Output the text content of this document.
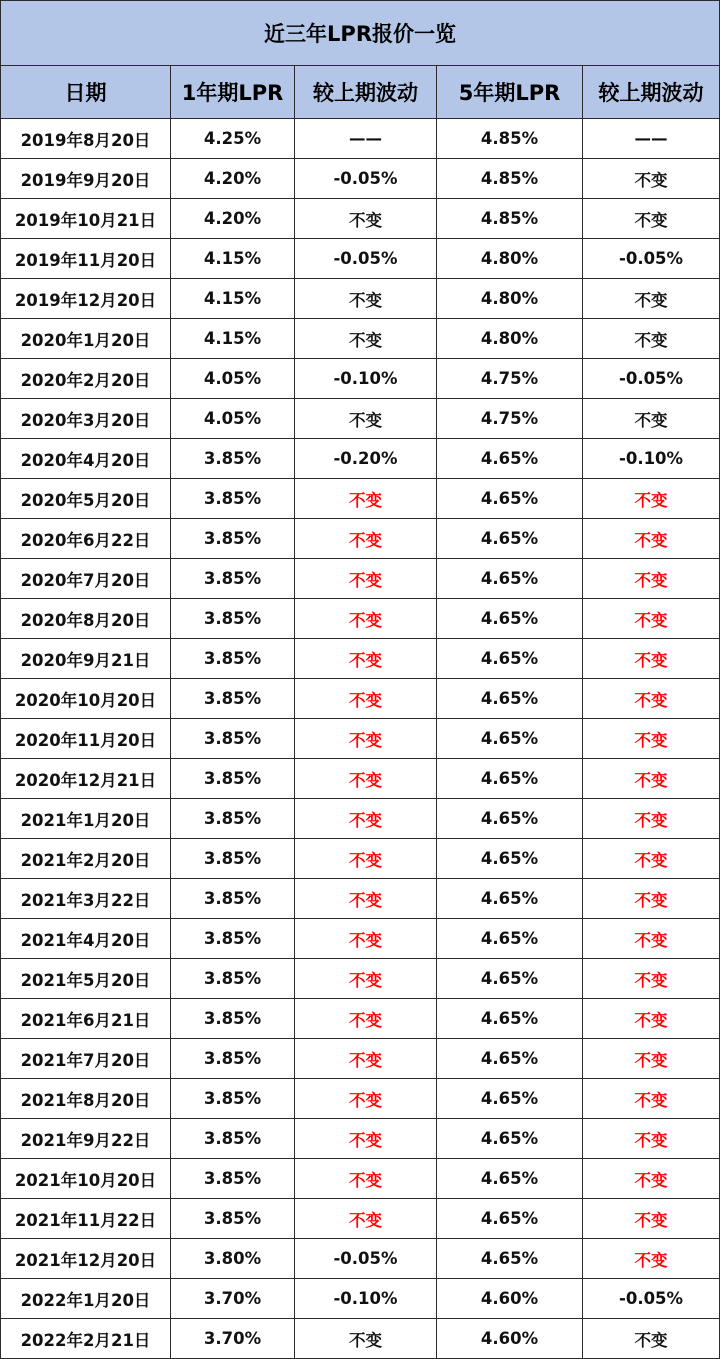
近三年LPR报价一览				
日期	1年期LPR	较上期波动	5年期LPR	较上期波动
2019年8月20日	4.25%	——	4.85%	——
2019年9月20日	4.20%	-0.05%	4.85%	不变
2019年10月21日	4.20%	不变	4.85%	不变
2019年11月20日	4.15%	-0.05%	4.80%	-0.05%
2019年12月20日	4.15%	不变	4.80%	不变
2020年1月20日	4.15%	不变	4.80%	不变
2020年2月20日	4.05%	-0.10%	4.75%	-0.05%
2020年3月20日	4.05%	不变	4.75%	不变
2020年4月20日	3.85%	-0.20%	4.65%	-0.10%
2020年5月20日	3.85%	不变	4.65%	不变
2020年6月22日	3.85%	不变	4.65%	不变
2020年7月20日	3.85%	不变	4.65%	不变
2020年8月20日	3.85%	不变	4.65%	不变
2020年9月21日	3.85%	不变	4.65%	不变
2020年10月20日	3.85%	不变	4.65%	不变
2020年11月20日	3.85%	不变	4.65%	不变
2020年12月21日	3.85%	不变	4.65%	不变
2021年1月20日	3.85%	不变	4.65%	不变
2021年2月20日	3.85%	不变	4.65%	不变
2021年3月22日	3.85%	不变	4.65%	不变
2021年4月20日	3.85%	不变	4.65%	不变
2021年5月20日	3.85%	不变	4.65%	不变
2021年6月21日	3.85%	不变	4.65%	不变
2021年7月20日	3.85%	不变	4.65%	不变
2021年8月20日	3.85%	不变	4.65%	不变
2021年9月22日	3.85%	不变	4.65%	不变
2021年10月20日	3.85%	不变	4.65%	不变
2021年11月22日	3.85%	不变	4.65%	不变
2021年12月20日	3.80%	-0.05%	4.65%	不变
2022年1月20日	3.70%	-0.10%	4.60%	-0.05%
2022年2月21日	3.70%	不变	4.60%	不变
